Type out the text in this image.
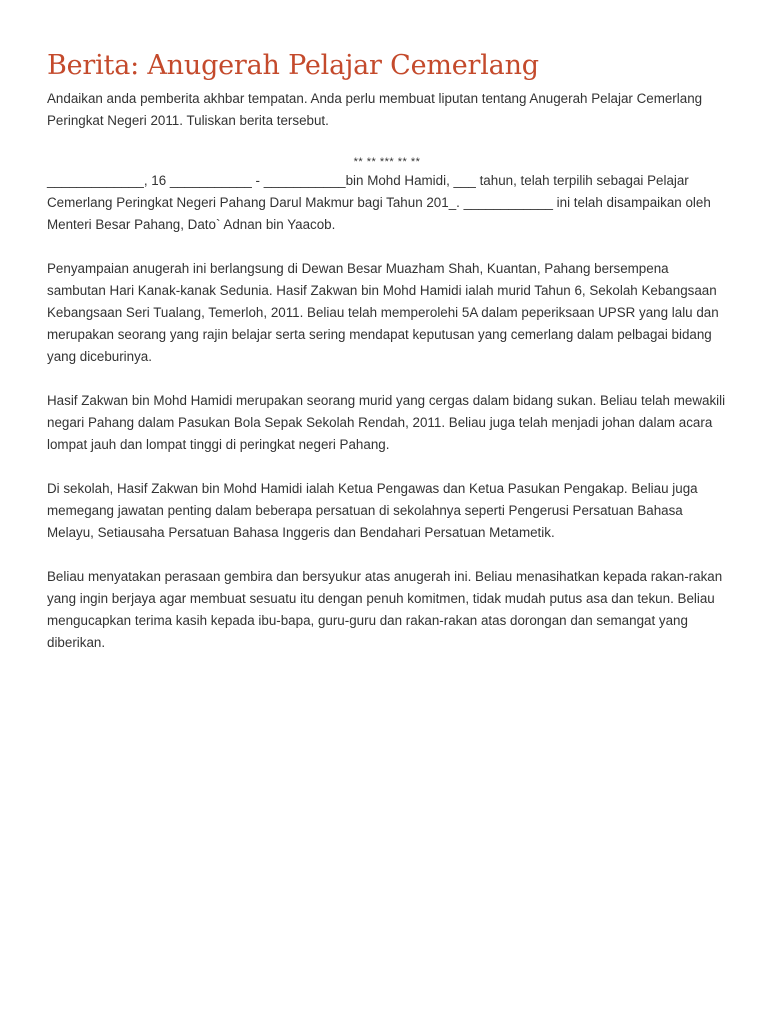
Berita: Anugerah Pelajar Cemerlang

Andaikan anda pemberita akhbar tempatan. Anda perlu membuat liputan tentang Anugerah Pelajar Cemerlang Peringkat Negeri 2011. Tuliskan berita tersebut.

** ** *** ** **

_____________, 16 ___________ - ___________bin Mohd Hamidi, ___ tahun, telah terpilih sebagai Pelajar Cemerlang Peringkat Negeri Pahang Darul Makmur bagi Tahun 201_. ____________ ini telah disampaikan oleh Menteri Besar Pahang, Dato` Adnan bin Yaacob.

Penyampaian anugerah ini berlangsung di Dewan Besar Muazham Shah, Kuantan, Pahang bersempena sambutan Hari Kanak-kanak Sedunia. Hasif Zakwan bin Mohd Hamidi ialah murid Tahun 6, Sekolah Kebangsaan Kebangsaan Seri Tualang, Temerloh, 2011. Beliau telah memperolehi 5A dalam peperiksaan UPSR yang lalu dan merupakan seorang yang rajin belajar serta sering mendapat keputusan yang cemerlang dalam pelbagai bidang yang diceburinya.

Hasif Zakwan bin Mohd Hamidi merupakan seorang murid yang cergas dalam bidang sukan. Beliau telah mewakili negari Pahang dalam Pasukan Bola Sepak Sekolah Rendah, 2011. Beliau juga telah menjadi johan dalam acara lompat jauh dan lompat tinggi di peringkat negeri Pahang.

Di sekolah, Hasif Zakwan bin Mohd Hamidi ialah Ketua Pengawas dan Ketua Pasukan Pengakap. Beliau juga memegang jawatan penting dalam beberapa persatuan di sekolahnya seperti Pengerusi Persatuan Bahasa Melayu, Setiausaha Persatuan Bahasa Inggeris dan Bendahari Persatuan Metametik.

Beliau menyatakan perasaan gembira dan bersyukur atas anugerah ini. Beliau menasihatkan kepada rakan-rakan yang ingin berjaya agar membuat sesuatu itu dengan penuh komitmen, tidak mudah putus asa dan tekun. Beliau mengucapkan terima kasih kepada ibu-bapa, guru-guru dan rakan-rakan atas dorongan dan semangat yang diberikan.
